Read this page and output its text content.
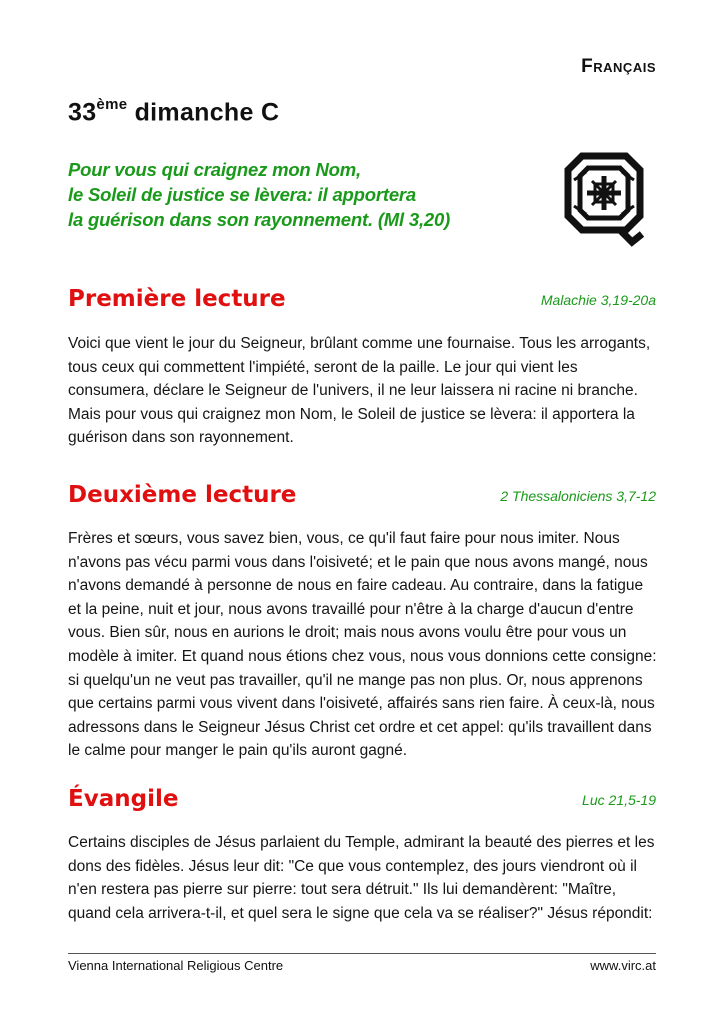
Français
33ème dimanche C
Pour vous qui craignez mon Nom,
le Soleil de justice se lèvera: il apportera
la guérison dans son rayonnement. (Ml 3,20)
Première lecture	Malachie 3,19-20a
Voici que vient le jour du Seigneur, brûlant comme une fournaise. Tous les arrogants,
tous ceux qui commettent l'impiété, seront de la paille. Le jour qui vient les
consumera, déclare le Seigneur de l'univers, il ne leur laissera ni racine ni branche.
Mais pour vous qui craignez mon Nom, le Soleil de justice se lèvera: il apportera la
guérison dans son rayonnement.
Deuxième lecture	2 Thessaloniciens 3,7-12
Frères et sœurs, vous savez bien, vous, ce qu'il faut faire pour nous imiter. Nous
n'avons pas vécu parmi vous dans l'oisiveté; et le pain que nous avons mangé, nous
n'avons demandé à personne de nous en faire cadeau. Au contraire, dans la fatigue
et la peine, nuit et jour, nous avons travaillé pour n'être à la charge d'aucun d'entre
vous. Bien sûr, nous en aurions le droit; mais nous avons voulu être pour vous un
modèle à imiter. Et quand nous étions chez vous, nous vous donnions cette consigne:
si quelqu'un ne veut pas travailler, qu'il ne mange pas non plus. Or, nous apprenons
que certains parmi vous vivent dans l'oisiveté, affairés sans rien faire. À ceux-là, nous
adressons dans le Seigneur Jésus Christ cet ordre et cet appel: qu'ils travaillent dans
le calme pour manger le pain qu'ils auront gagné.
Évangile	Luc 21,5-19
Certains disciples de Jésus parlaient du Temple, admirant la beauté des pierres et les
dons des fidèles. Jésus leur dit: "Ce que vous contemplez, des jours viendront où il
n'en restera pas pierre sur pierre: tout sera détruit." Ils lui demandèrent: "Maître,
quand cela arrivera-t-il, et quel sera le signe que cela va se réaliser?" Jésus répondit:
Vienna International Religious Centre	www.virc.at
